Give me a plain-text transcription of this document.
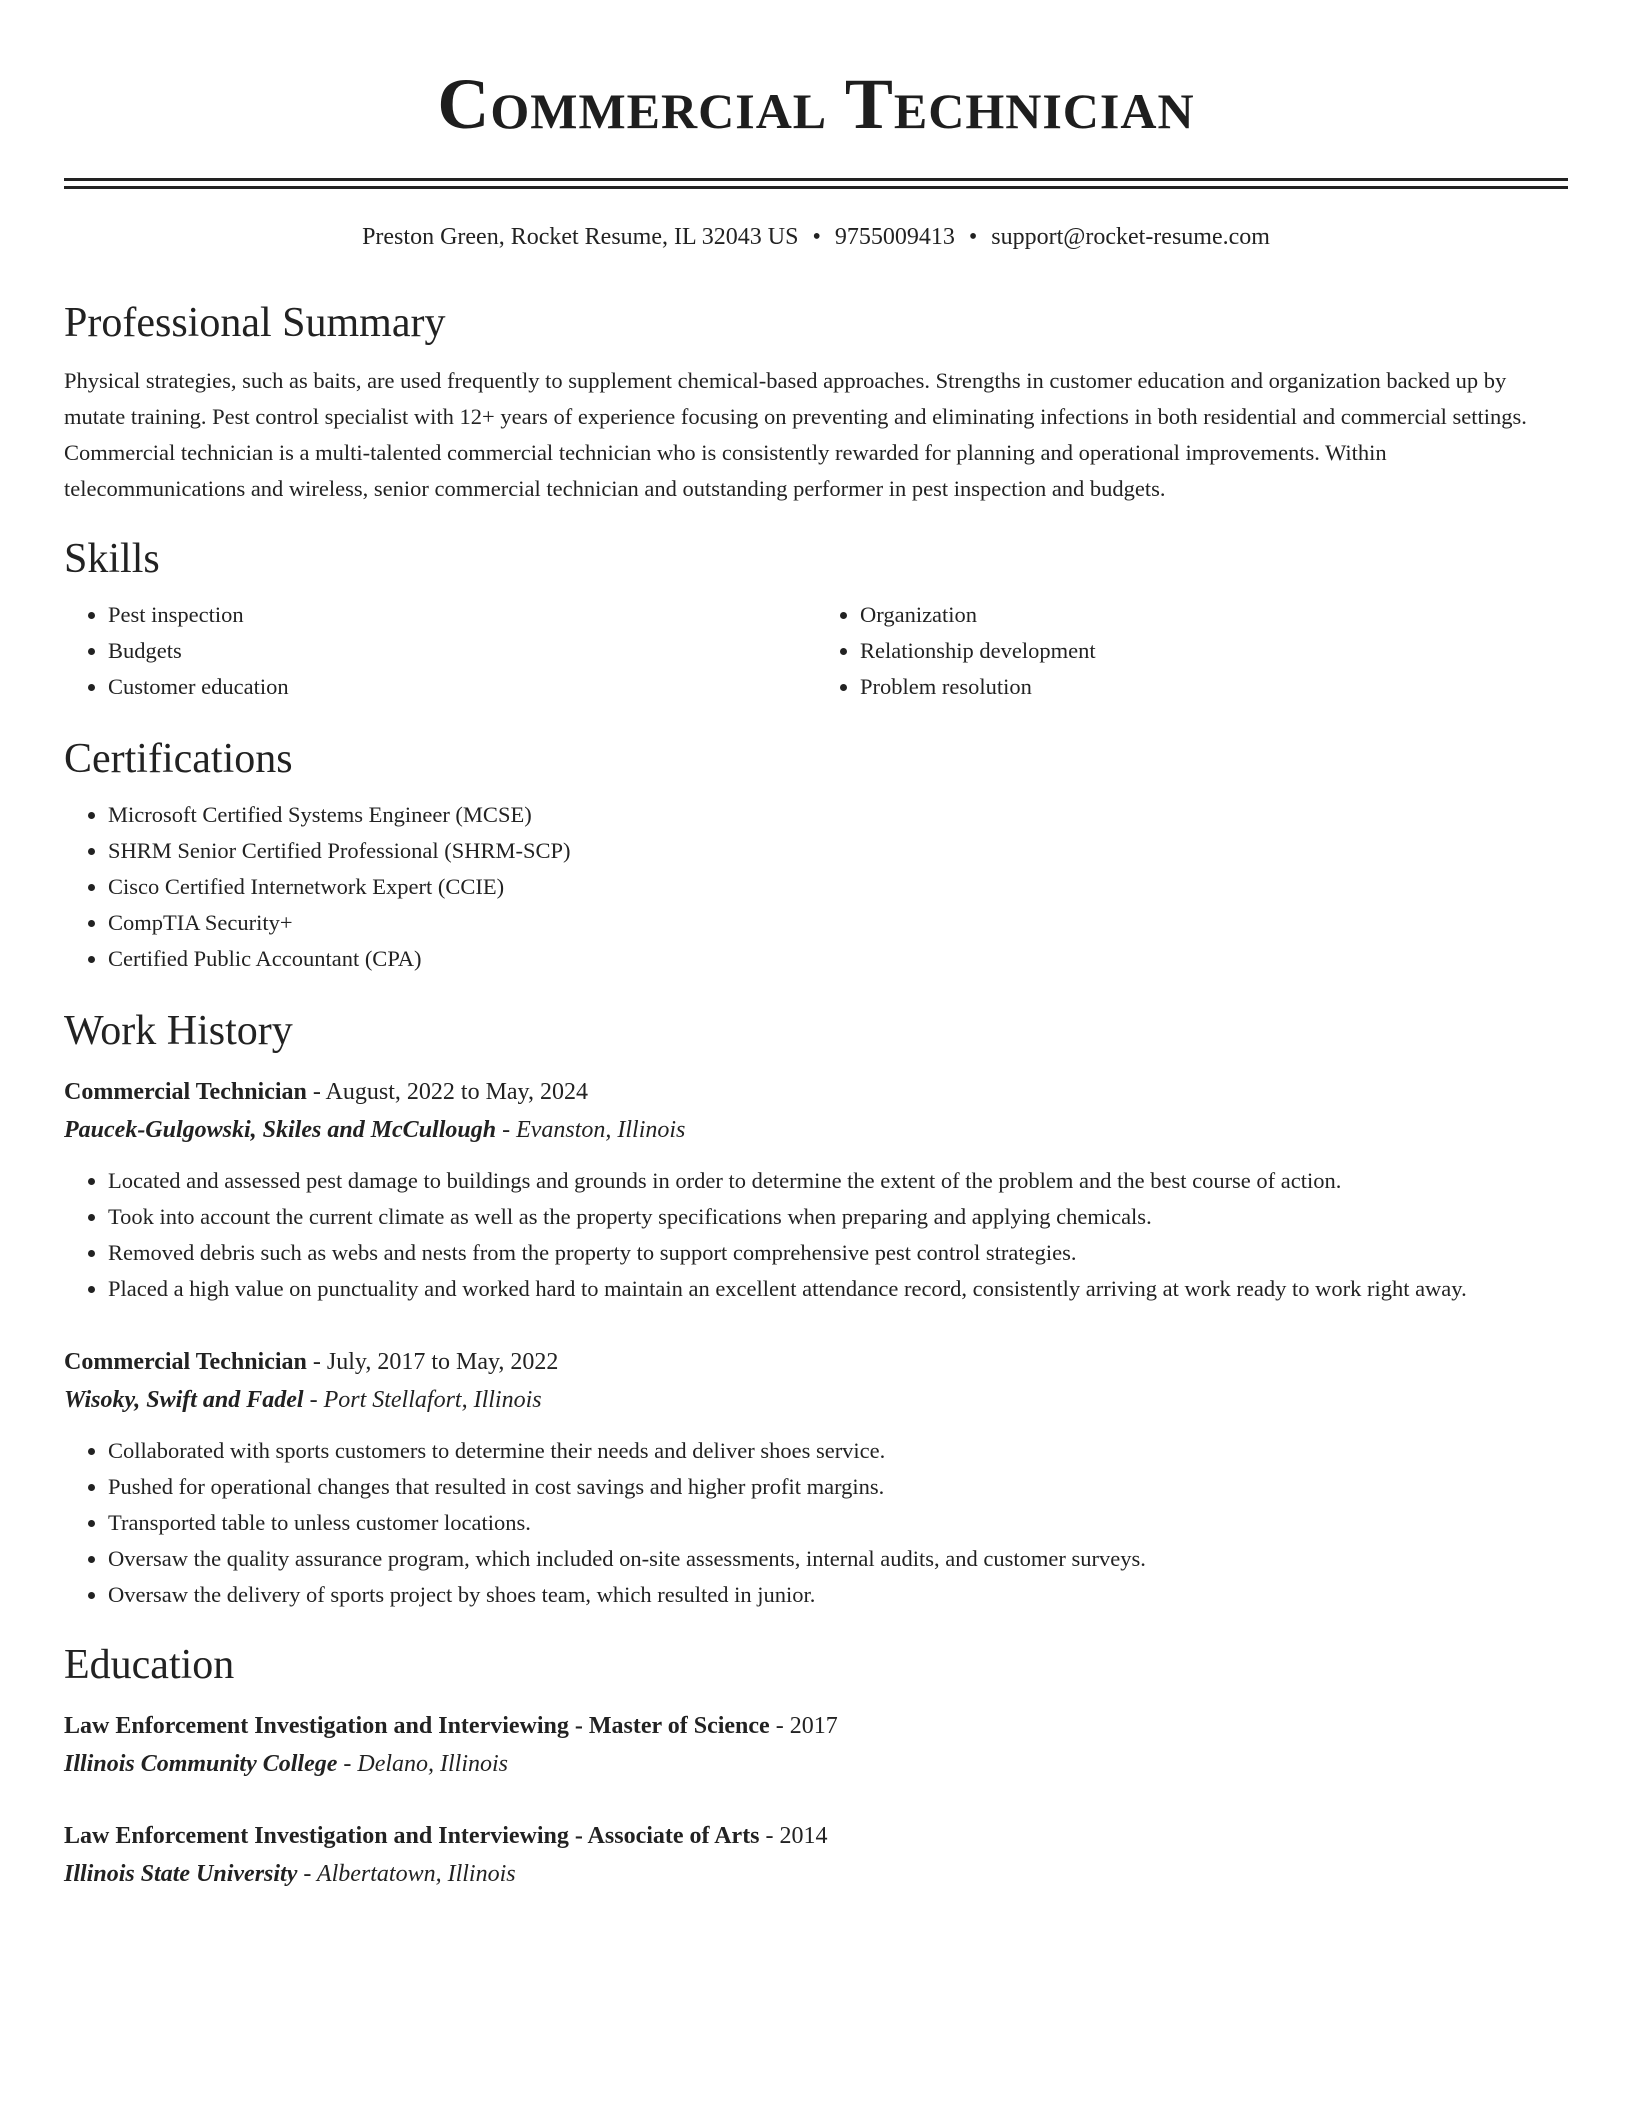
Commercial Technician
Preston Green, Rocket Resume, IL 32043 US • 9755009413 • support@rocket-resume.com
Professional Summary

Physical strategies, such as baits, are used frequently to supplement chemical-based approaches. Strengths in customer education and organization backed up by mutate training. Pest control specialist with 12+ years of experience focusing on preventing and eliminating infections in both residential and commercial settings. Commercial technician is a multi-talented commercial technician who is consistently rewarded for planning and operational improvements. Within telecommunications and wireless, senior commercial technician and outstanding performer in pest inspection and budgets.

Skills
• Pest inspection
• Budgets
• Customer education
• Organization
• Relationship development
• Problem resolution
Certifications
• Microsoft Certified Systems Engineer (MCSE)
• SHRM Senior Certified Professional (SHRM-SCP)
• Cisco Certified Internetwork Expert (CCIE)
• CompTIA Security+
• Certified Public Accountant (CPA)
Work History
Commercial Technician - August, 2022 to May, 2024
Paucek-Gulgowski, Skiles and McCullough - Evanston, Illinois
• Located and assessed pest damage to buildings and grounds in order to determine the extent of the problem and the best course of action.
• Took into account the current climate as well as the property specifications when preparing and applying chemicals.
• Removed debris such as webs and nests from the property to support comprehensive pest control strategies.
• Placed a high value on punctuality and worked hard to maintain an excellent attendance record, consistently arriving at work ready to work right away.
Commercial Technician - July, 2017 to May, 2022
Wisoky, Swift and Fadel - Port Stellafort, Illinois
• Collaborated with sports customers to determine their needs and deliver shoes service.
• Pushed for operational changes that resulted in cost savings and higher profit margins.
• Transported table to unless customer locations.
• Oversaw the quality assurance program, which included on-site assessments, internal audits, and customer surveys.
• Oversaw the delivery of sports project by shoes team, which resulted in junior.
Education
Law Enforcement Investigation and Interviewing - Master of Science - 2017
Illinois Community College - Delano, Illinois
Law Enforcement Investigation and Interviewing - Associate of Arts - 2014
Illinois State University - Albertatown, Illinois
